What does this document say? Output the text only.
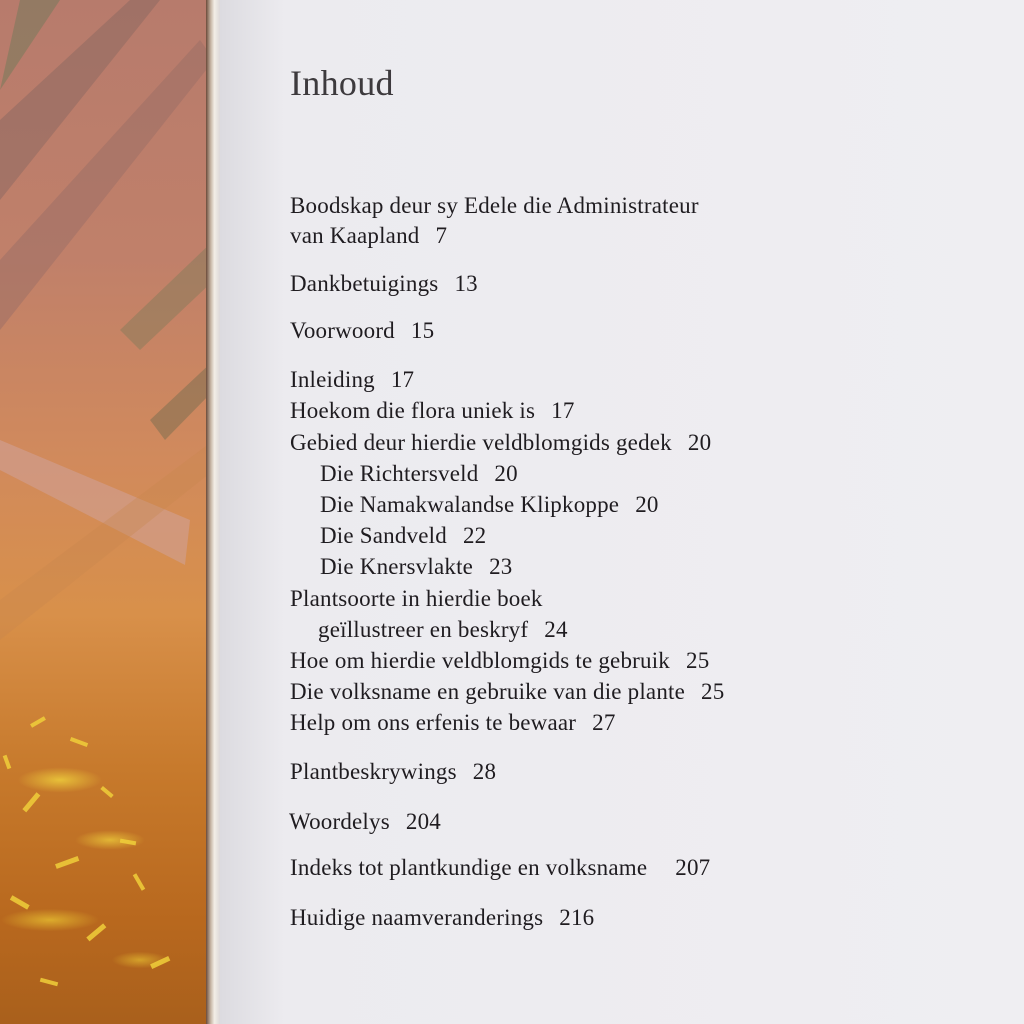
Inhoud
Boodskap deur sy Edele die Administrateur
van Kaapland 7
Dankbetuigings 13
Voorwoord 15
Inleiding 17
Hoekom die flora uniek is 17
Gebied deur hierdie veldblomgids gedek 20
Die Richtersveld 20
Die Namakwalandse Klipkoppe 20
Die Sandveld 22
Die Knersvlakte 23
Plantsoorte in hierdie boek
geïllustreer en beskryf 24
Hoe om hierdie veldblomgids te gebruik 25
Die volksname en gebruike van die plante 25
Help om ons erfenis te bewaar 27
Plantbeskrywings 28
Woordelys 204
Indeks tot plantkundige en volksname 207
Huidige naamveranderings 216
